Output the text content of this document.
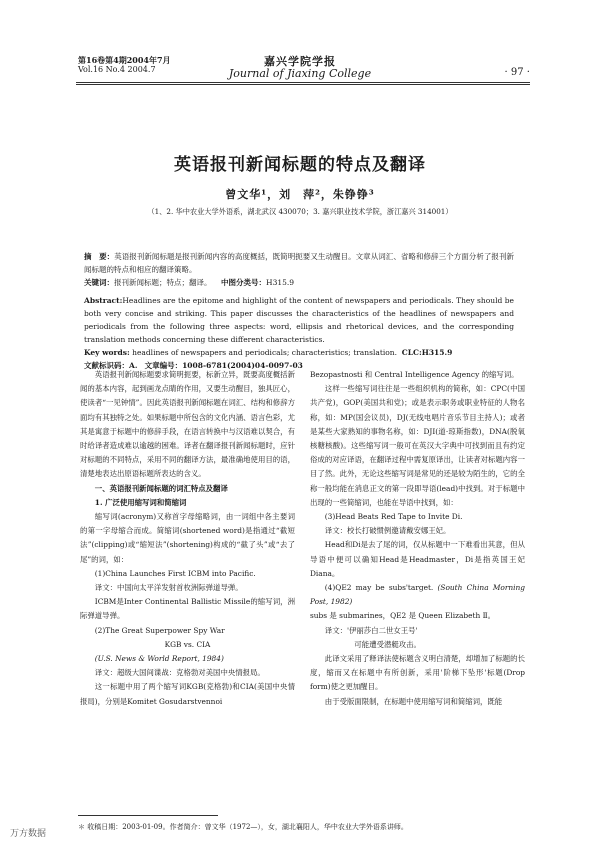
第16卷第4期2004年7月
Vol.16 No.4 2004.7
嘉兴学院学报
Journal of Jiaxing College	· 97 ·
英语报刊新闻标题的特点及翻译
曾文华¹，刘　萍²，朱铮铮³
（1、2. 华中农业大学外语系，湖北武汉 430070；3. 嘉兴职业技术学院，浙江嘉兴 314001）
摘　要：英语报刊新闻标题是报刊新闻内容的高度概括，既简明扼要又生动醒目。文章从词汇、省略和修辞三个方面分析了报刊新闻标题的特点和相应的翻译策略。
关键词：报刊新闻标题；特点；翻译。 中图分类号：H315.9
Abstract:Headlines are the epitome and highlight of the content of newspapers and periodicals. They should be both very concise and striking. This paper discusses the characteristics of the headlines of newspapers and periodicals from the following three aspects: word, ellipsis and rhetorical devices, and the corresponding translation methods concerning these different characteristics.
Key words: headlines of newspapers and periodicals; characteristics; translation. CLC:H315.9
文献标识码：A. 文章编号：1008-6781(2004)04-0097-03

英语报刊新闻标题要求简明扼要，标新立异，既要高度概括新闻的基本内容，起到画龙点睛的作用，又要生动醒目，独具匠心，使读者“一见钟情”。因此英语报刊新闻标题在词汇、结构和修辞方面均有其独特之处。如果标题中所包含的文化内涵、语言色彩，尤其是寓意于标题中的修辞手段，在语言转换中与汉语难以契合，有时给译者造成难以逾越的困难。译者在翻译报刊新闻标题时，应针对标题的不同特点，采用不同的翻译方法，最准确地使用目的语，清楚地表达出原语标题所表达的含义。

一、英语报刊新闻标题的词汇特点及翻译

1. 广泛使用缩写词和简缩词

缩写词(acronym)又称首字母缩略词，由一词组中各主要词的第一字母缩合而成。简缩词(shortened word)是指通过“截短法”(clipping)或“缩短法”(shortening)构成的“截了头”或“去了尾”的词，如：

(1)China Launches First ICBM into Pacific.

译文：中国向太平洋发射首枚洲际弹道导弹。

ICBM是Inter Continental Ballistic Missile的缩写词，洲际弹道导弹。

(2)The Great Superpower Spy War

KGB vs. CIA

(U.S. News & World Report, 1984)

译文：超级大国间谍战：克格勃对美国中央情报局。

这一标题中用了两个缩写词KGB(克格勃)和CIA(美国中央情报局)，分别是Komitet Gosudarstvennoi

Bezopastnosti 和 Central Intelligence Agency 的缩写词。

这样一些缩写词往往是一些组织机构的简称，如：CPC(中国共产党)，GOP(美国共和党)；或是表示职务或职业特征的人物名称，如：MP(国会议员)，DJ(无线电唱片音乐节目主持人)；或者是某些大家熟知的事物名称，如：DJI(道·琼斯指数)，DNA(脱氧核糖核酸)。这些缩写词一般可在英汉大字典中可找到而且有约定俗成的对应译语，在翻译过程中需复原译出，让读者对标题内容一目了然。此外，无论这些缩写词是常见的还是较为陌生的，它的全称一般均能在消息正文的第一段即导语(lead)中找到。对于标题中出现的一些简缩词，也能在导语中找到，如：

(3)Head Beats Red Tape to Invite Di.

译文：校长打破惯例邀请戴安娜王妃。

Head和Di是去了尾的词，仅从标题中一下难看出其意，但从导语中便可以确知Head是Headmaster，Di是指英国王妃Diana。

(4)QE2 may be subs'target. (South China Morning Post, 1982)

subs 是 submarines，QE2 是 Queen Elizabeth Ⅱ。

译文：'伊丽莎白二世女王号'

可能遭受潜艇攻击。

此译文采用了释译法使标题含义明白清楚，却增加了标题的长度，缩而又在标题中有所创新，采用'阶梯下坠形'标题(Drop form)使之更加醒目。

由于受版面限制，在标题中使用缩写词和简缩词，既能

＊ 收稿日期：2003-01-09。作者简介：曾文华（1972—），女，湖北襄阳人，华中农业大学外语系讲师。
万方数据
